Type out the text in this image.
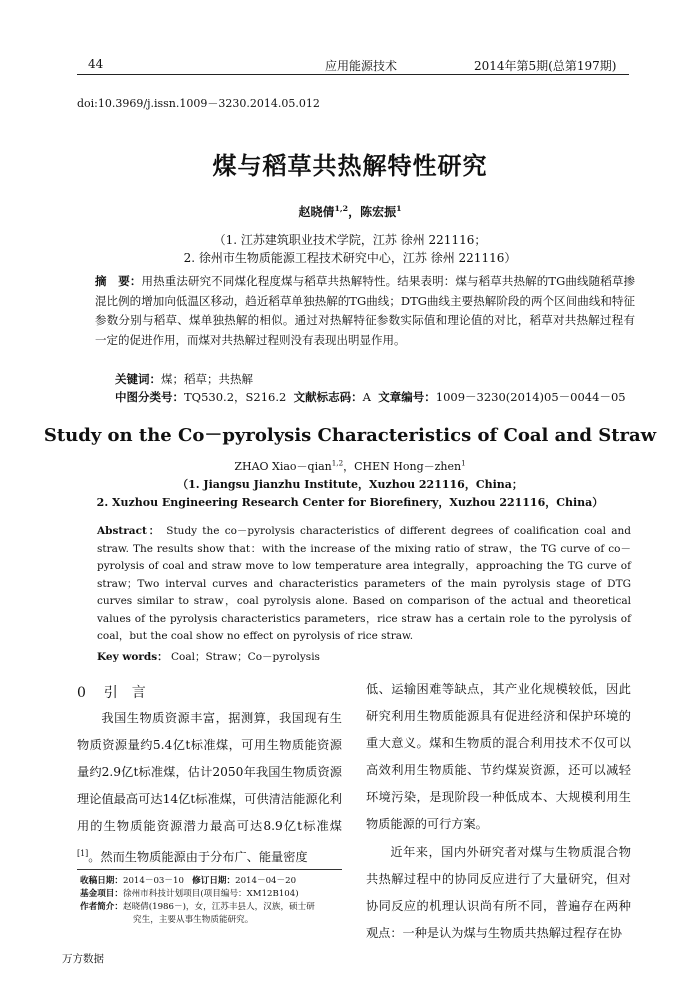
44	应用能源技术	2014年第5期(总第197期)
doi:10.3969/j.issn.1009－3230.2014.05.012
煤与稻草共热解特性研究
赵晓倩$^{1,2}$，陈宏振$^1$
（1. 江苏建筑职业技术学院，江苏 徐州 221116；
2. 徐州市生物质能源工程技术研究中心，江苏 徐州 221116）
摘　要：用热重法研究不同煤化程度煤与稻草共热解特性。结果表明：煤与稻草共热解的TG曲线随稻草掺混比例的增加向低温区移动，趋近稻草单独热解的TG曲线；DTG曲线主要热解阶段的两个区间曲线和特征参数分别与稻草、煤单独热解的相似。通过对热解特征参数实际值和理论值的对比，稻草对共热解过程有一定的促进作用，而煤对共热解过程则没有表现出明显作用。
关键词：煤；稻草；共热解
中图分类号：TQ530.2，S216.2 文献标志码：A 文章编号：1009－3230(2014)05－0044－05
Study on the Co－pyrolysis Characteristics of Coal and Straw
ZHAO Xiao－qian$^{1,2}$，CHEN Hong－zhen$^1$
（1. Jiangsu Jianzhu Institute，Xuzhou 221116，China；
2. Xuzhou Engineering Research Center for Biorefinery，Xuzhou 221116，China）
Abstract： Study the co－pyrolysis characteristics of different degrees of coalification coal and straw. The results show that：with the increase of the mixing ratio of straw，the TG curve of co－pyrolysis of coal and straw move to low temperature area integrally，approaching the TG curve of straw；Two interval curves and characteristics parameters of the main pyrolysis stage of DTG curves similar to straw，coal pyrolysis alone. Based on comparison of the actual and theoretical values of the pyrolysis characteristics parameters，rice straw has a certain role to the pyrolysis of coal，but the coal show no effect on pyrolysis of rice straw.
Key words： Coal；Straw；Co－pyrolysis
0 引　言

我国生物质资源丰富，据测算，我国现有生物质资源量约5.4亿t标准煤，可用生物质能资源量约2.9亿t标准煤，估计2050年我国生物质资源理论值最高可达14亿t标准煤，可供清洁能源化利用的生物质能资源潜力最高可达8.9亿t标准煤[1]。然而生物质能源由于分布广、能量密度

低、运输困难等缺点，其产业化规模较低，因此研究利用生物质能源具有促进经济和保护环境的重大意义。煤和生物质的混合利用技术不仅可以高效利用生物质能、节约煤炭资源，还可以减轻环境污染，是现阶段一种低成本、大规模利用生物质能源的可行方案。

近年来，国内外研究者对煤与生物质混合物共热解过程中的协同反应进行了大量研究，但对协同反应的机理认识尚有所不同，普遍存在两种观点：一种是认为煤与生物质共热解过程存在协

收稿日期：2014－03－10 修订日期：2014－04－20
基金项目：徐州市科技计划项目(项目编号：XM12B104)
作者简介：赵晓倩(1986－)，女，江苏丰县人，汉族，硕士研
究生，主要从事生物质能研究。
万方数据
